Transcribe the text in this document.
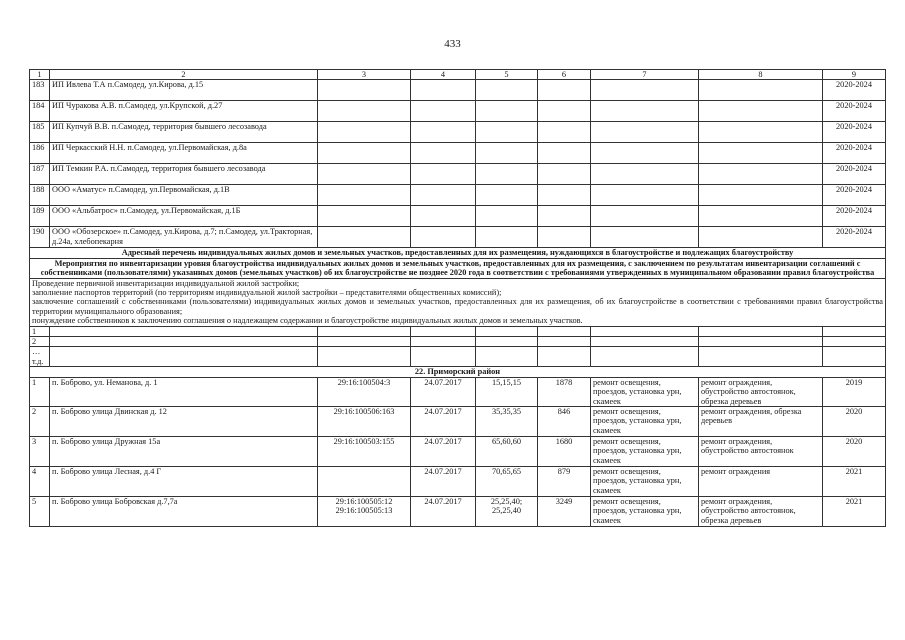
433
1	2	3	4	5	6	7	8	9
183	ИП Ивлева Т.А п.Самодед, ул.Кирова, д.15							2020-2024
184	ИП Чуракова А.В. п.Самодед, ул.Крупской, д.27							2020-2024
185	ИП Купчуй В.В. п.Самодед, территория бывшего лесозавода							2020-2024
186	ИП Черкасский Н.Н. п.Самодед, ул.Первомайская, д.8а							2020-2024
187	ИП Темкин Р.А. п.Самодед, территория бывшего лесозавода							2020-2024
188	ООО «Аматус» п.Самодед, ул.Первомайская, д.1В							2020-2024
189	ООО «Альбатрос» п.Самодед, ул.Первомайская, д.1Б							2020-2024
190	ООО «Обозерское» п.Самодед, ул.Кирова, д.7; п.Самодед, ул.Тракторная, д.24а, хлебопекарня							2020-2024
Адресный перечень индивидуальных жилых домов и земельных участков, предоставленных для их размещения, нуждающихся в благоустройстве и подлежащих благоустройству								
Мероприятия по инвентаризации уровня благоустройства индивидуальных жилых домов и земельных участков, предоставленных для их размещения, с заключением по результатам инвентаризации соглашений с собственниками (пользователями) указанных домов (земельных участков) об их благоустройстве не позднее 2020 года в соответствии с требованиями утвержденных в муниципальном образовании правил благоустройства								

Проведение первичной инвентаризации индивидуальной жилой застройки;
заполнение паспортов территорий (по территориям индивидуальной жилой застройки – представителями общественных комиссий);
заключение соглашений с собственниками (пользователями) индивидуальных жилых домов и земельных участков, предоставленных для их размещения, об их благоустройстве в соответствии с требованиями правил благоустройства территории муниципального образования;
понуждение собственников к заключению соглашения о надлежащем содержании и благоустройстве индивидуальных жилых домов и земельных участков.								

1								
2								
…т.д.								
22. Приморский район								
1	п. Боброво, ул. Неманова, д. 1	29:16:100504:3	24.07.2017	15,15,15	1878	ремонт освещения, проездов, установка урн, скамеек	ремонт ограждения, обустройство автостоянок, обрезка деревьев	2019
2	п. Боброво улица Двинская д. 12	29:16:100506:163	24.07.2017	35,35,35	846	ремонт освещения, проездов, установка урн, скамеек	ремонт ограждения, обрезка деревьев	2020
3	п. Боброво улица Дружная 15а	29:16:100503:155	24.07.2017	65,60,60	1680	ремонт освещения, проездов, установка урн, скамеек	ремонт ограждения, обустройство автостоянок	2020
4	п. Боброво улица Лесная, д.4 Г		24.07.2017	70,65,65	879	ремонт освещения, проездов, установка урн, скамеек	ремонт ограждения	2021
5	п. Боброво улица Бобровская д.7,7а	29:16:100505:12 29:16:100505:13	24.07.2017	25,25,40; 25,25,40	3249	ремонт освещения, проездов, установка урн, скамеек	ремонт ограждения, обустройство автостоянок, обрезка деревьев	2021
